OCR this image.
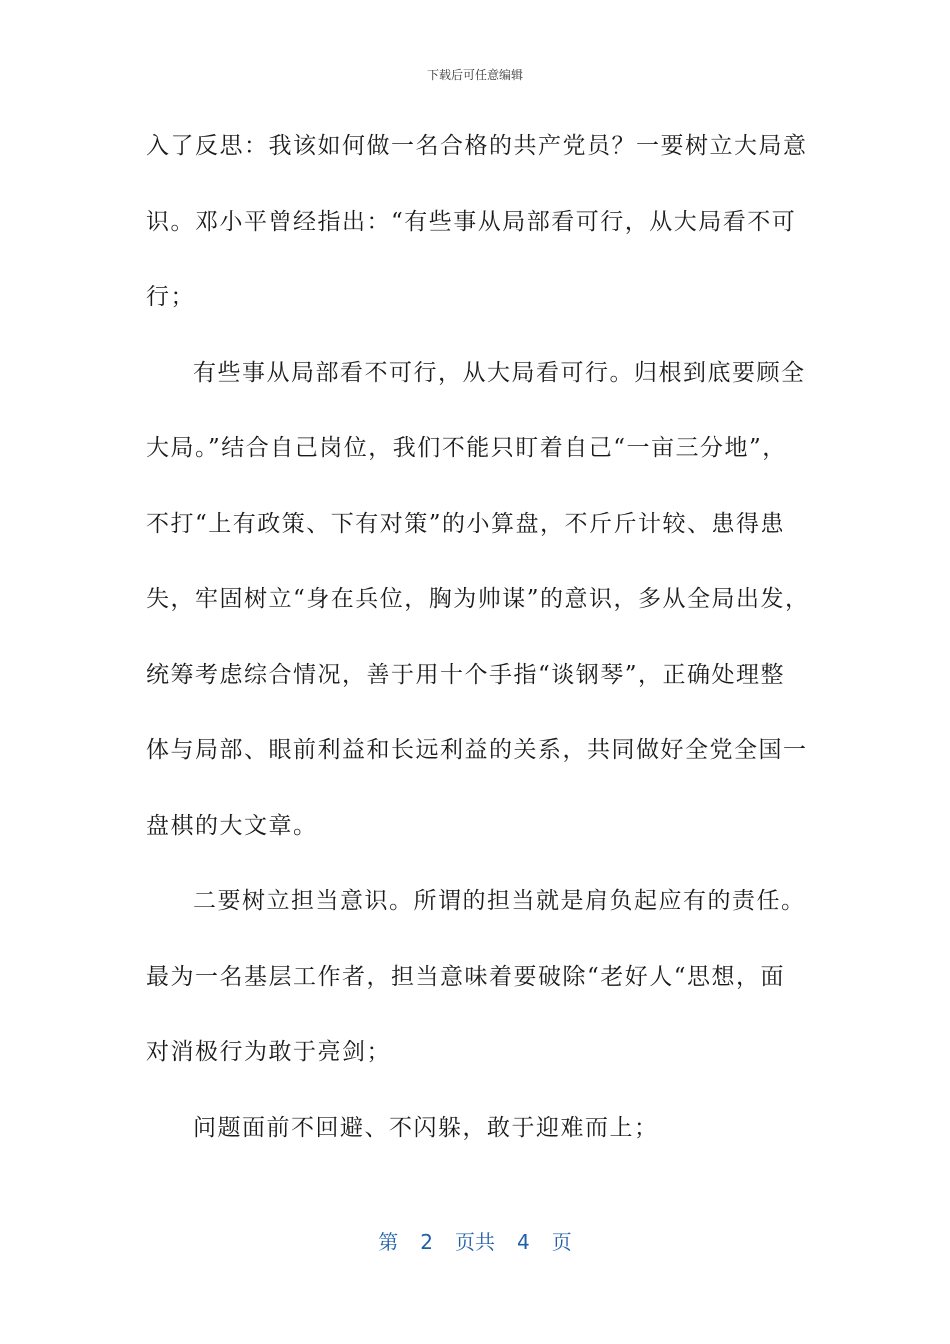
下载后可任意编辑
入了反思：我该如何做一名合格的共产党员？一要树立大局意
识。邓小平曾经指出：“有些事从局部看可行，从大局看不可
行；
有些事从局部看不可行，从大局看可行。归根到底要顾全
大局。”结合自己岗位，我们不能只盯着自己“一亩三分地”，
不打“上有政策、下有对策”的小算盘，不斤斤计较、患得患
失，牢固树立“身在兵位，胸为帅谋”的意识，多从全局出发，
统筹考虑综合情况，善于用十个手指“谈钢琴”，正确处理整
体与局部、眼前利益和长远利益的关系，共同做好全党全国一
盘棋的大文章。
二要树立担当意识。所谓的担当就是肩负起应有的责任。
最为一名基层工作者，担当意味着要破除“老好人“思想，面
对消极行为敢于亮剑；
问题面前不回避、不闪躲，敢于迎难而上；
第 2 页共 4 页
